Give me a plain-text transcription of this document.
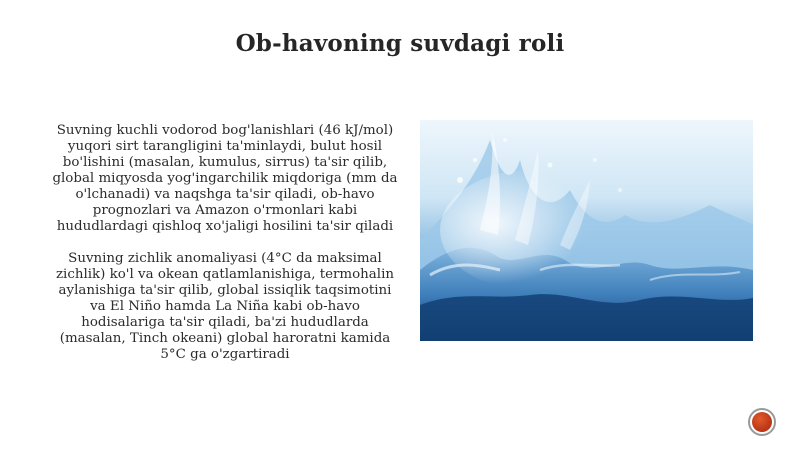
Ob-havoning suvdagi roli

Suvning kuchli vodorod bog'lanishlari (46 kJ/mol) yuqori sirt tarangligini ta'minlaydi, bulut hosil bo'lishini (masalan, kumulus, sirrus) ta'sir qilib, global miqyosda yog'ingarchilik miqdoriga (mm da o'lchanadi) va naqshga ta'sir qiladi, ob-havo prognozlari va Amazon o'rmonlari kabi hududlardagi qishloq xo'jaligi hosilini ta'sir qiladi

Suvning zichlik anomaliyasi (4°C da maksimal zichlik) ko'l va okean qatlamlanishiga, termohalin aylanishiga ta'sir qilib, global issiqlik taqsimotini va El Niño hamda La Niña kabi ob-havo hodisalariga ta'sir qiladi, ba'zi hududlarda (masalan, Tinch okeani) global haroratni kamida 5°C ga o'zgartiradi
